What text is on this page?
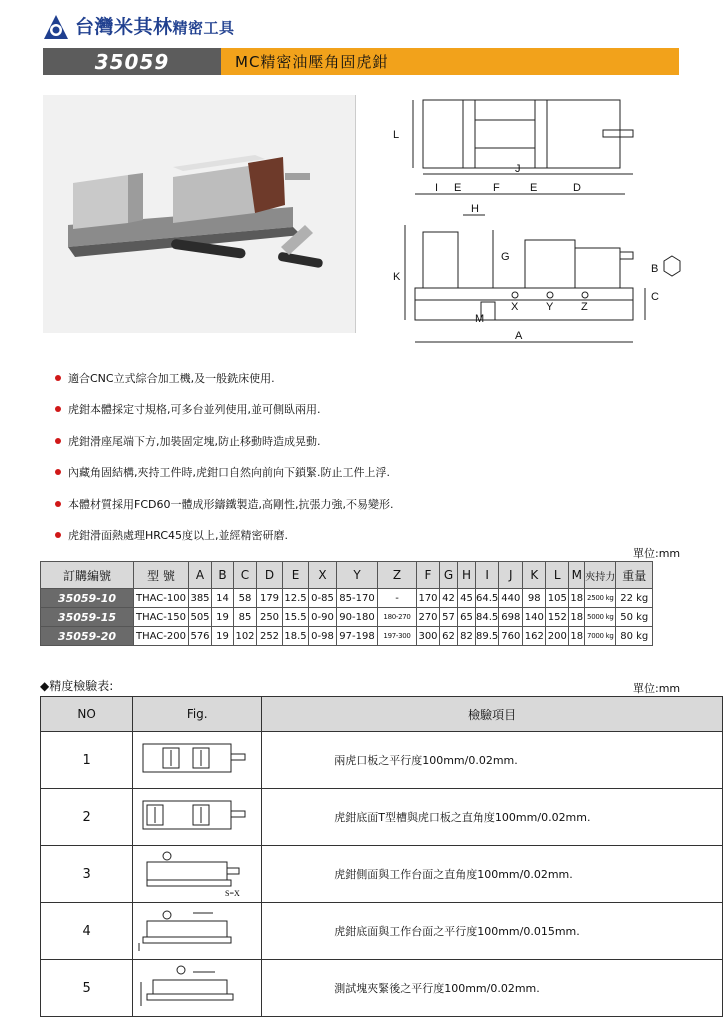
台灣米其林精密工具
35059	MC精密油壓角固虎鉗
L
J
I E	F	E	D
H
G
K
B
C
X	Y	Z
M
A
適合CNC立式綜合加工機,及一般銑床使用.
虎鉗本體採定寸規格,可多台並列使用,並可側臥兩用.
虎鉗滑座尾端下方,加裝固定塊,防止移動時造成晃動.
內藏角固結構,夾持工件時,虎鉗口自然向前向下鎖緊.防止工件上浮.
本體材質採用FCD60一體成形鑄鐵製造,高剛性,抗張力強,不易變形.
虎鉗滑面熱處理HRC45度以上,並經精密研磨.
單位:mm
訂購編號	型 號	A	B	C	D	E	X	Y	Z	F	G	H	I	J	K	L	M	夾持力	重量
35059-10	THAC-100	385	14	58	179	12.5	0-85	85-170	-	170	42	45	64.5	440	98	105	18	2500 kg	22 kg
35059-15	THAC-150	505	19	85	250	15.5	0-90	90-180	180-270	270	57	65	84.5	698	140	152	18	5000 kg	50 kg
35059-20	THAC-200	576	19	102	252	18.5	0-98	97-198	197-300	300	62	82	89.5	760	162	200	18	7000 kg	80 kg
◆精度檢驗表:	單位:mm
NO	Fig.	檢驗項目
1		兩虎口板之平行度100mm/0.02mm.
2		虎鉗底面T型槽與虎口板之直角度100mm/0.02mm.
3	S=X	虎鉗側面與工作台面之直角度100mm/0.02mm.
4		虎鉗底面與工作台面之平行度100mm/0.015mm.
5		測試塊夾緊後之平行度100mm/0.02mm.
